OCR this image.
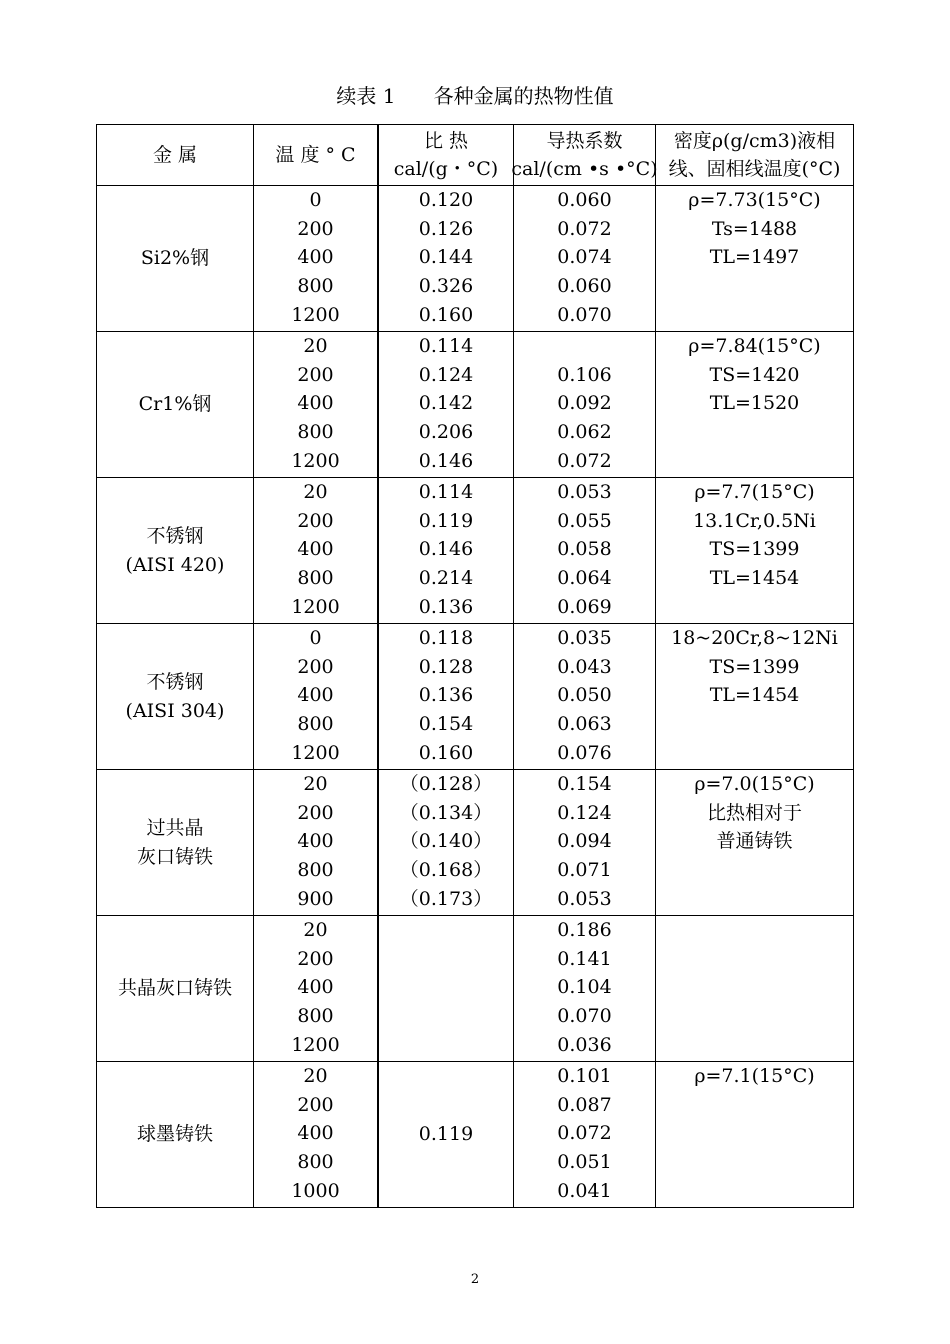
续表 1      各种金属的热物性值
金 属	温 度 ° C
比 热
cal/(g・°C)
导热系数
cal/(cm •s •°C)
密度ρ(g/cm3)液相
线、固相线温度(°C)
Si2%钢
0
200
400
800
1200
0.120
0.126
0.144
0.326
0.160
0.060
0.072
0.074
0.060
0.070
ρ=7.73(15°C)
Ts=1488
TL=1497
Cr1%钢
20
200
400
800
1200
0.114
0.124
0.142
0.206
0.146
0.106
0.092
0.062
0.072
ρ=7.84(15°C)
TS=1420
TL=1520
不锈钢
(AISI 420)
20
200
400
800
1200
0.114
0.119
0.146
0.214
0.136
0.053
0.055
0.058
0.064
0.069
ρ=7.7(15°C)
13.1Cr,0.5Ni
TS=1399
TL=1454
不锈钢
(AISI 304)
0
200
400
800
1200
0.118
0.128
0.136
0.154
0.160
0.035
0.043
0.050
0.063
0.076
18~20Cr,8~12Ni
TS=1399
TL=1454
过共晶
灰口铸铁
20
200
400
800
900
（0.128）
（0.134）
（0.140）
（0.168）
（0.173）
0.154
0.124
0.094
0.071
0.053
ρ=7.0(15°C)
比热相对于
普通铸铁
共晶灰口铸铁
20
200
400
800
1200
0.186
0.141
0.104
0.070
0.036
球墨铸铁
20
200
400
800
1000
0.119
0.101
0.087
0.072
0.051
0.041
ρ=7.1(15°C)
2
